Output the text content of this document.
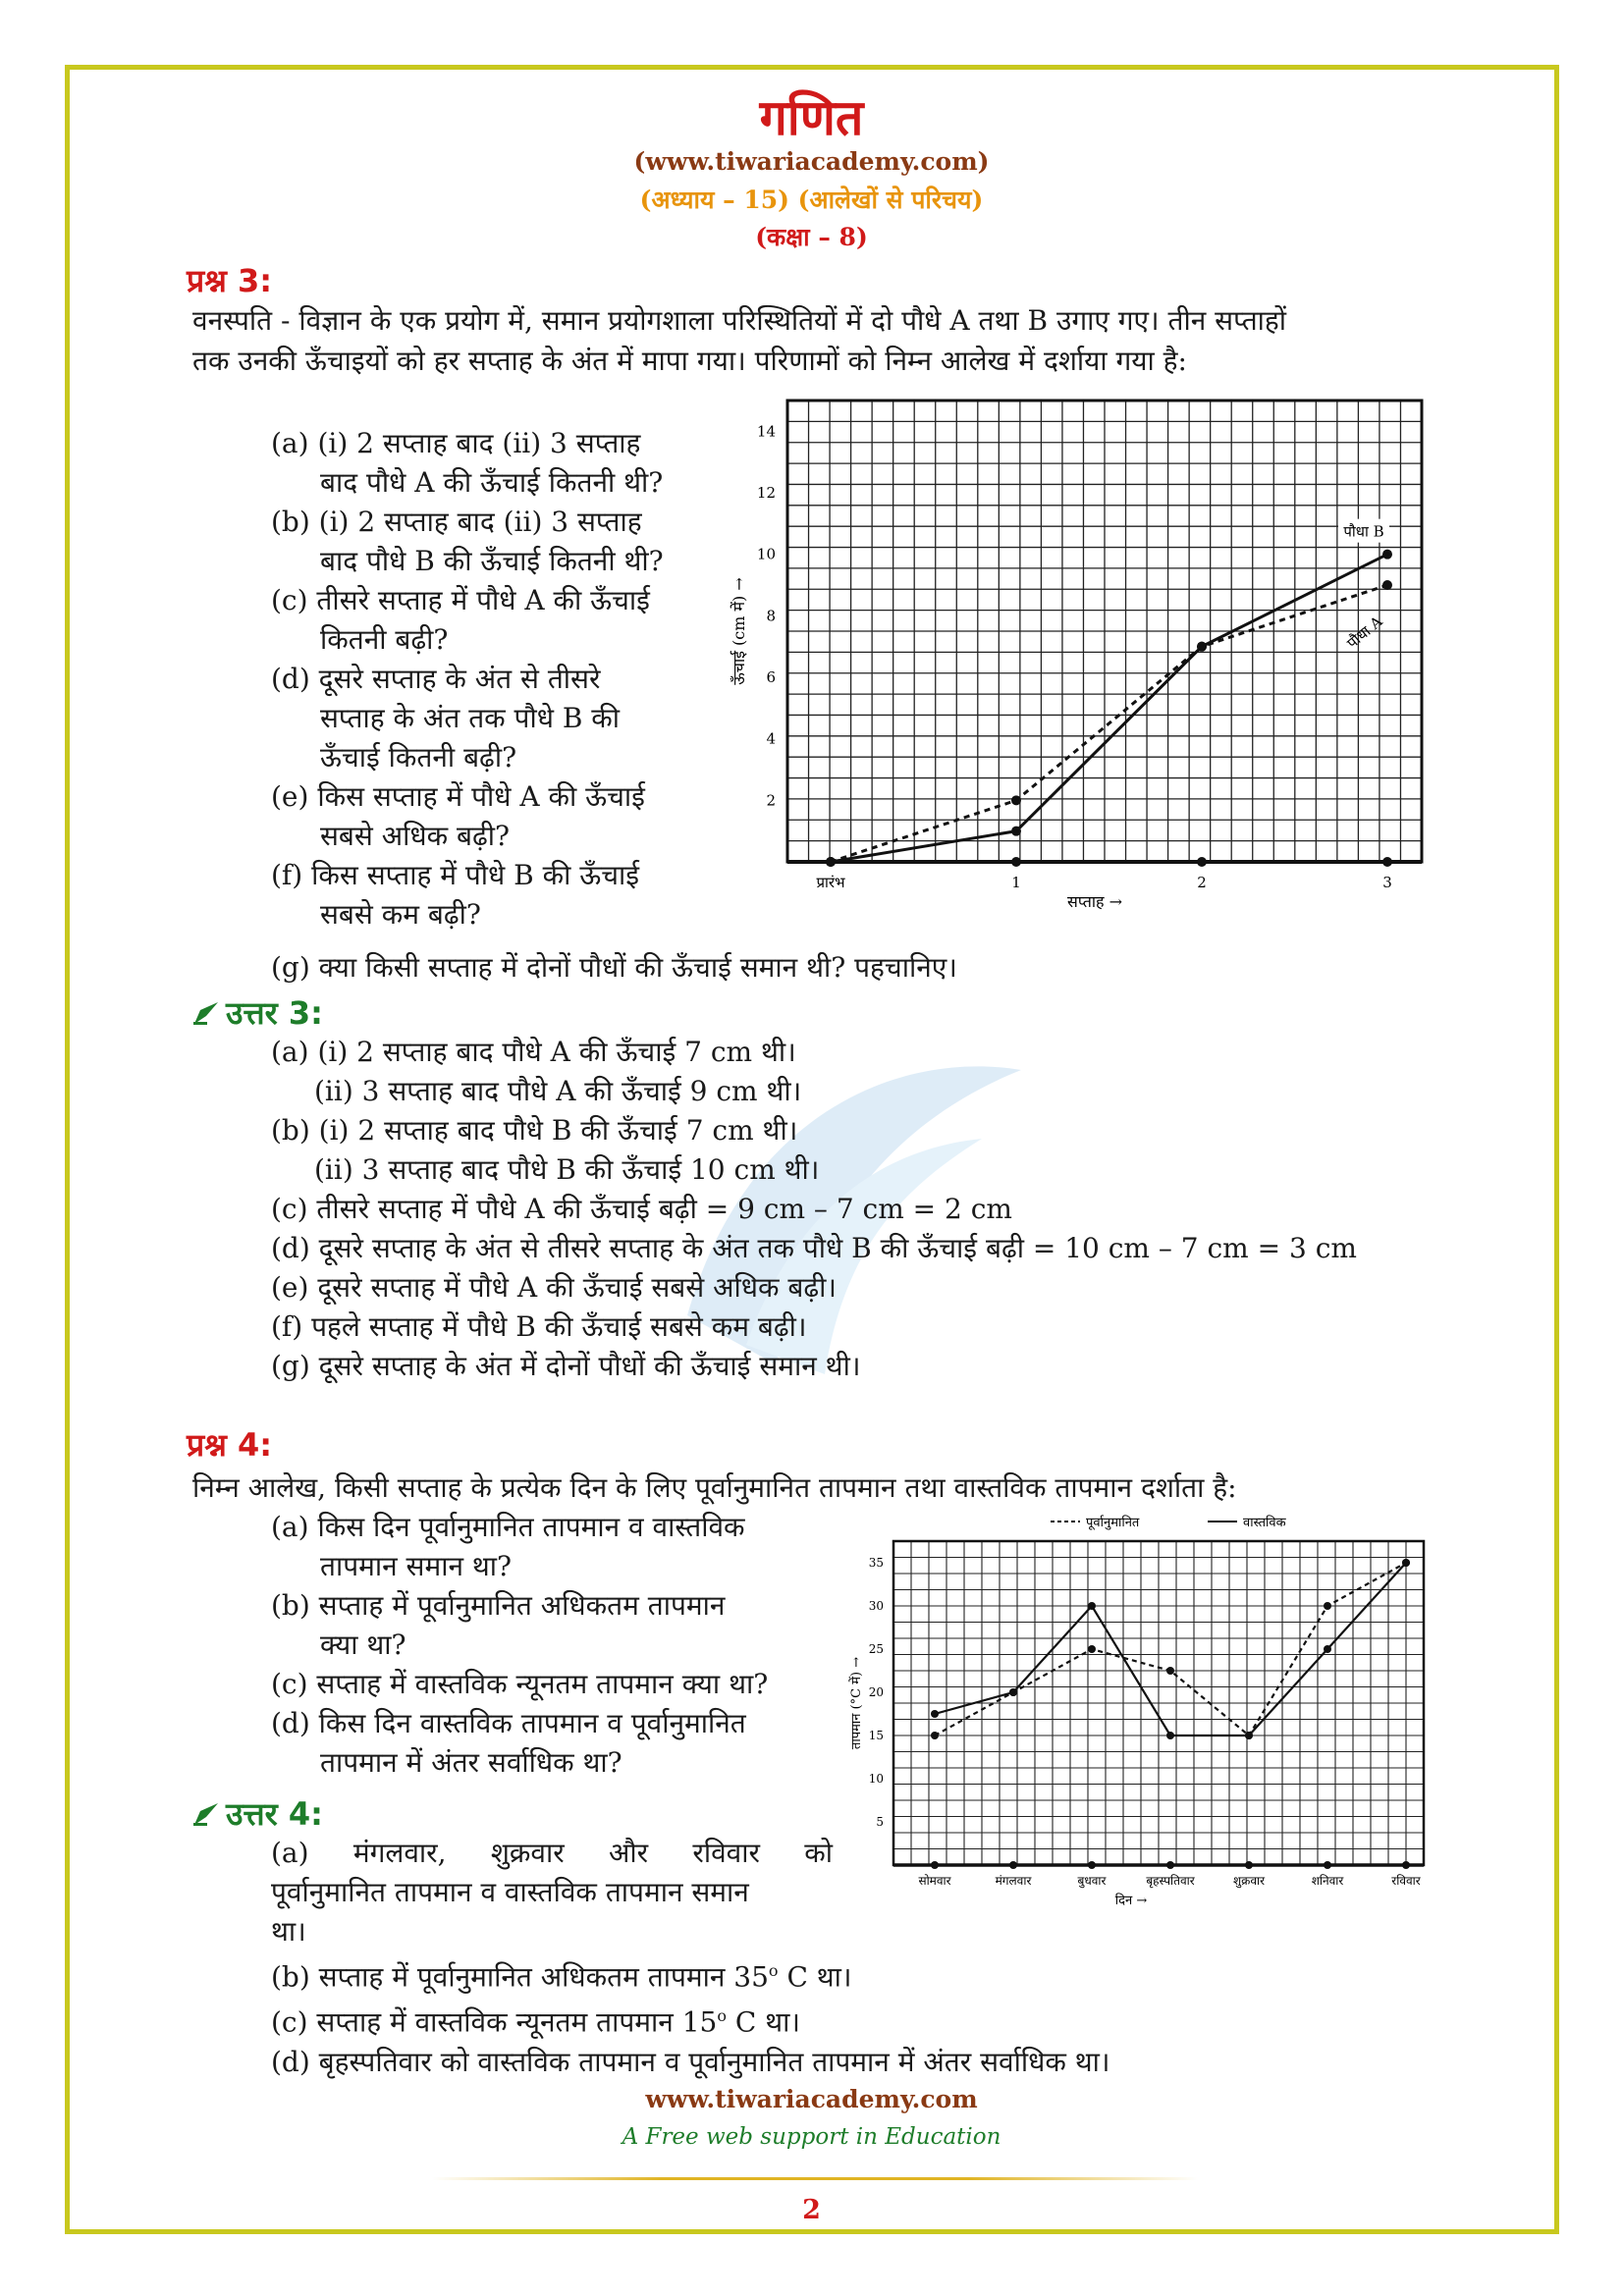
गणित
(www.tiwariacademy.com)
(अध्याय – 15) (आलेखों से परिचय)
(कक्षा – 8)
प्रश्न 3:
वनस्पति - विज्ञान के एक प्रयोग में, समान प्रयोगशाला परिस्थितियों में दो पौधे A तथा B उगाए गए। तीन सप्ताहों
तक उनकी ऊँचाइयों को हर सप्ताह के अंत में मापा गया। परिणामों को निम्न आलेख में दर्शाया गया है:
(a) (i) 2 सप्ताह बाद (ii) 3 सप्ताह
बाद पौधे A की ऊँचाई कितनी थी?
(b) (i) 2 सप्ताह बाद (ii) 3 सप्ताह
बाद पौधे B की ऊँचाई कितनी थी?
(c) तीसरे सप्ताह में पौधे A की ऊँचाई
कितनी बढ़ी?
(d) दूसरे सप्ताह के अंत से तीसरे
सप्ताह के अंत तक पौधे B की
ऊँचाई कितनी बढ़ी?
(e) किस सप्ताह में पौधे A की ऊँचाई
सबसे अधिक बढ़ी?
(f) किस सप्ताह में पौधे B की ऊँचाई
सबसे कम बढ़ी?
(g) क्या किसी सप्ताह में दोनों पौधों की ऊँचाई समान थी? पहचानिए।
2
4
6
8
10
12
14
ऊँचाई (cm में) →
प्रारंभ	1	2	3
सप्ताह →
पौधा B
पौधा A
उत्तर 3:
(a) (i) 2 सप्ताह बाद पौधे A की ऊँचाई 7 cm थी।
(ii) 3 सप्ताह बाद पौधे A की ऊँचाई 9 cm थी।
(b) (i) 2 सप्ताह बाद पौधे B की ऊँचाई 7 cm थी।
(ii) 3 सप्ताह बाद पौधे B की ऊँचाई 10 cm थी।
(c) तीसरे सप्ताह में पौधे A की ऊँचाई बढ़ी = 9 cm – 7 cm = 2 cm
(d) दूसरे सप्ताह के अंत से तीसरे सप्ताह के अंत तक पौधे B की ऊँचाई बढ़ी = 10 cm – 7 cm = 3 cm
(e) दूसरे सप्ताह में पौधे A की ऊँचाई सबसे अधिक बढ़ी।
(f) पहले सप्ताह में पौधे B की ऊँचाई सबसे कम बढ़ी।
(g) दूसरे सप्ताह के अंत में दोनों पौधों की ऊँचाई समान थी।
प्रश्न 4:
निम्न आलेख, किसी सप्ताह के प्रत्येक दिन के लिए पूर्वानुमानित तापमान तथा वास्तविक तापमान दर्शाता है:
(a) किस दिन पूर्वानुमानित तापमान व वास्तविक
तापमान समान था?
(b) सप्ताह में पूर्वानुमानित अधिकतम तापमान
क्या था?
(c) सप्ताह में वास्तविक न्यूनतम तापमान क्या था?
(d) किस दिन वास्तविक तापमान व पूर्वानुमानित
तापमान में अंतर सर्वाधिक था?
पूर्वानुमानित	वास्तविक
5
10
15
20
25
30
35
तापमान (°C में) →
सोमवार	मंगलवार	बुधवार	बृहस्पतिवार	शुक्रवार	शनिवार	रविवार
दिन →
उत्तर 4:
(a) मंगलवार, शुक्रवार और रविवार को
पूर्वानुमानित तापमान व वास्तविक तापमान समान
था।
(b) सप्ताह में पूर्वानुमानित अधिकतम तापमान 35$^o$ C था।
(c) सप्ताह में वास्तविक न्यूनतम तापमान 15$^o$ C था।
(d) बृहस्पतिवार को वास्तविक तापमान व पूर्वानुमानित तापमान में अंतर सर्वाधिक था।
www.tiwariacademy.com
A Free web support in Education
2
